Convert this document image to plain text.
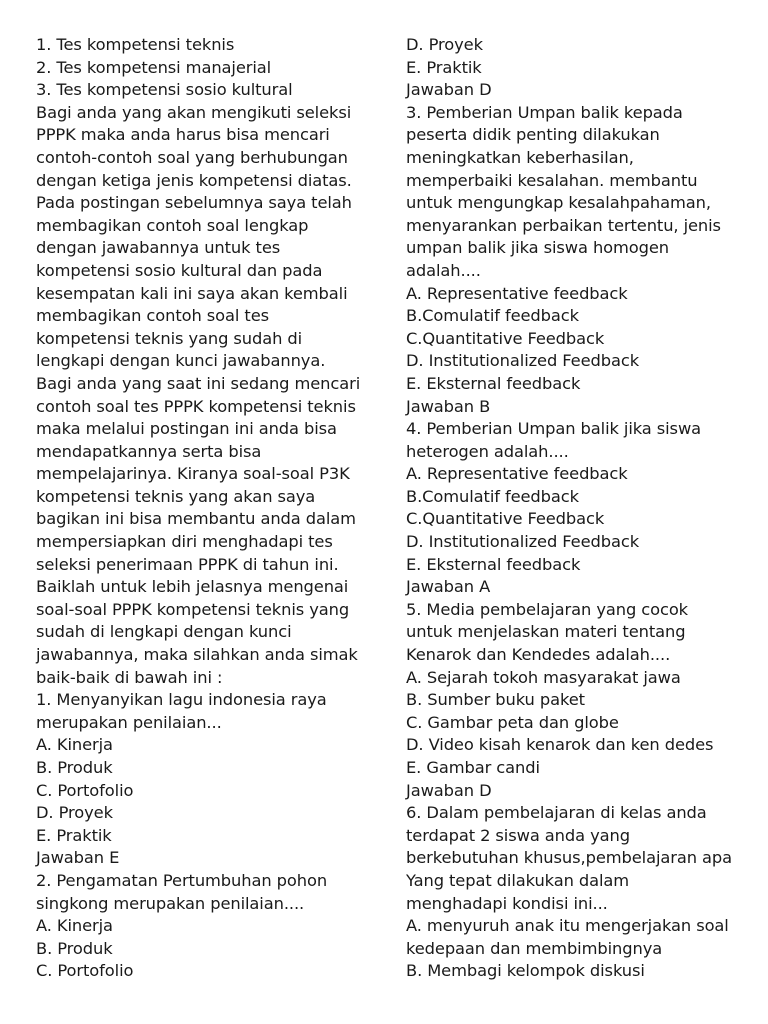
1. Tes kompetensi teknis
2. Tes kompetensi manajerial
3. Tes kompetensi sosio kultural
Bagi anda yang akan mengikuti seleksi
PPPK maka anda harus bisa mencari
contoh-contoh soal yang berhubungan
dengan ketiga jenis kompetensi diatas.
Pada postingan sebelumnya saya telah
membagikan contoh soal lengkap
dengan jawabannya untuk tes
kompetensi sosio kultural dan pada
kesempatan kali ini saya akan kembali
membagikan contoh soal tes
kompetensi teknis yang sudah di
lengkapi dengan kunci jawabannya.
Bagi anda yang saat ini sedang mencari
contoh soal tes PPPK kompetensi teknis
maka melalui postingan ini anda bisa
mendapatkannya serta bisa
mempelajarinya. Kiranya soal-soal P3K
kompetensi teknis yang akan saya
bagikan ini bisa membantu anda dalam
mempersiapkan diri menghadapi tes
seleksi penerimaan PPPK di tahun ini.
Baiklah untuk lebih jelasnya mengenai
soal-soal PPPK kompetensi teknis yang
sudah di lengkapi dengan kunci
jawabannya, maka silahkan anda simak
baik-baik di bawah ini :
1. Menyanyikan lagu indonesia raya
merupakan penilaian...
A. Kinerja
B. Produk
C. Portofolio
D. Proyek
E. Praktik
Jawaban E
2. Pengamatan Pertumbuhan pohon
singkong merupakan penilaian....
A. Kinerja
B. Produk
C. Portofolio
D. Proyek
E. Praktik
Jawaban D
3. Pemberian Umpan balik kepada
peserta didik penting dilakukan
meningkatkan keberhasilan,
memperbaiki kesalahan. membantu
untuk mengungkap kesalahpahaman,
menyarankan perbaikan tertentu, jenis
umpan balik jika siswa homogen
adalah....
A. Representative feedback
B.Comulatif feedback
C.Quantitative Feedback
D. Institutionalized Feedback
E. Eksternal feedback
Jawaban B
4. Pemberian Umpan balik jika siswa
heterogen adalah....
A. Representative feedback
B.Comulatif feedback
C.Quantitative Feedback
D. Institutionalized Feedback
E. Eksternal feedback
Jawaban A
5. Media pembelajaran yang cocok
untuk menjelaskan materi tentang
Kenarok dan Kendedes adalah....
A. Sejarah tokoh masyarakat jawa
B. Sumber buku paket
C. Gambar peta dan globe
D. Video kisah kenarok dan ken dedes
E. Gambar candi
Jawaban D
6. Dalam pembelajaran di kelas anda
terdapat 2 siswa anda yang
berkebutuhan khusus,pembelajaran apa
Yang tepat dilakukan dalam
menghadapi kondisi ini...
A. menyuruh anak itu mengerjakan soal
kedepaan dan membimbingnya
B. Membagi kelompok diskusi
